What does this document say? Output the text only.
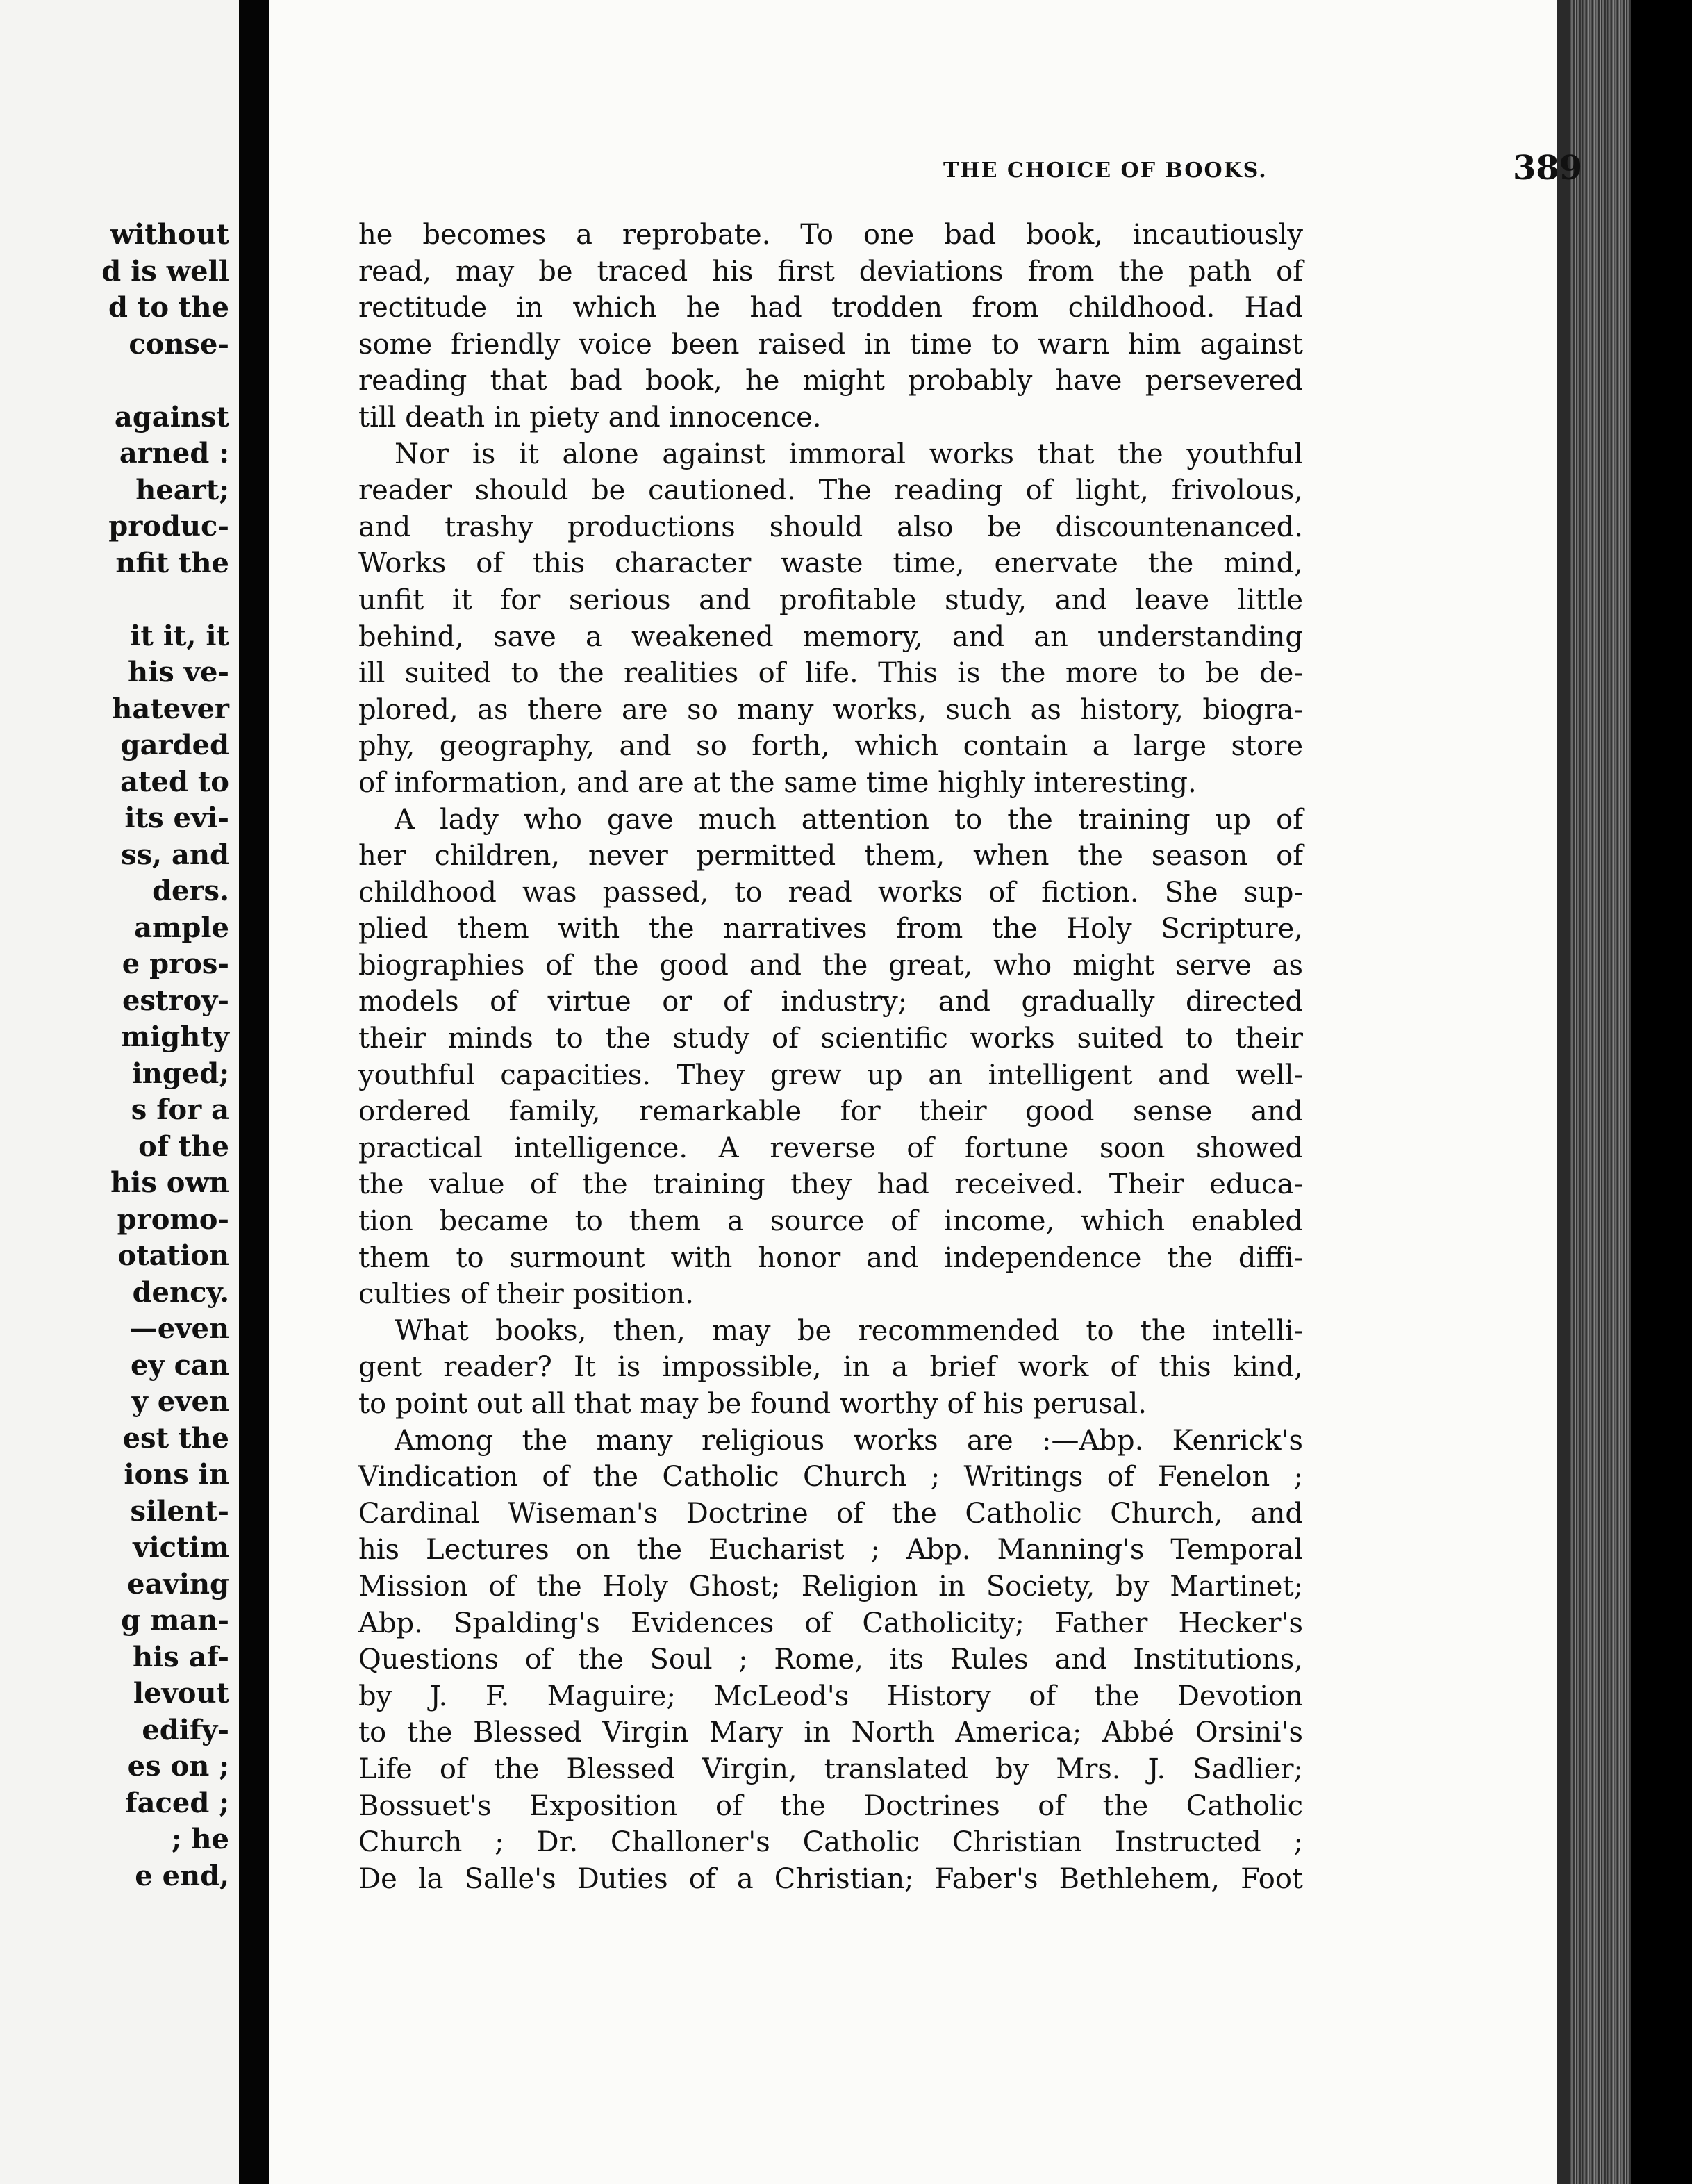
without
d is well
d to the
conse-
against
arned :
heart;
produc-
nfit the
it it, it
his ve-
hatever
garded
ated to
its evi-
ss, and
ders.
ample
e pros-
estroy-
mighty
inged;
s for a
of the
his own
promo-
otation
dency.
—even
ey can
y even
est the
ions in
silent-
victim
eaving
g man-
his af-
levout
edify-
es on ;
faced ;
; he
e end,
THE CHOICE OF BOOKS.	389
he becomes a reprobate. To one bad book, incautiously
read, may be traced his first deviations from the path of
rectitude in which he had trodden from childhood. Had
some friendly voice been raised in time to warn him against
reading that bad book, he might probably have persevered
till death in piety and innocence.
Nor is it alone against immoral works that the youthful
reader should be cautioned. The reading of light, frivolous,
and trashy productions should also be discountenanced.
Works of this character waste time, enervate the mind,
unfit it for serious and profitable study, and leave little
behind, save a weakened memory, and an understanding
ill suited to the realities of life. This is the more to be de-
plored, as there are so many works, such as history, biogra-
phy, geography, and so forth, which contain a large store
of information, and are at the same time highly interesting.
A lady who gave much attention to the training up of
her children, never permitted them, when the season of
childhood was passed, to read works of fiction. She sup-
plied them with the narratives from the Holy Scripture,
biographies of the good and the great, who might serve as
models of virtue or of industry; and gradually directed
their minds to the study of scientific works suited to their
youthful capacities. They grew up an intelligent and well-
ordered family, remarkable for their good sense and
practical intelligence. A reverse of fortune soon showed
the value of the training they had received. Their educa-
tion became to them a source of income, which enabled
them to surmount with honor and independence the diffi-
culties of their position.
What books, then, may be recommended to the intelli-
gent reader? It is impossible, in a brief work of this kind,
to point out all that may be found worthy of his perusal.
Among the many religious works are :—Abp. Kenrick's
Vindication of the Catholic Church ; Writings of Fenelon ;
Cardinal Wiseman's Doctrine of the Catholic Church, and
his Lectures on the Eucharist ; Abp. Manning's Temporal
Mission of the Holy Ghost; Religion in Society, by Martinet;
Abp. Spalding's Evidences of Catholicity; Father Hecker's
Questions of the Soul ; Rome, its Rules and Institutions,
by J. F. Maguire; McLeod's History of the Devotion
to the Blessed Virgin Mary in North America; Abbé Orsini's
Life of the Blessed Virgin, translated by Mrs. J. Sadlier;
Bossuet's Exposition of the Doctrines of the Catholic
Church ; Dr. Challoner's Catholic Christian Instructed ;
De la Salle's Duties of a Christian; Faber's Bethlehem, Foot
